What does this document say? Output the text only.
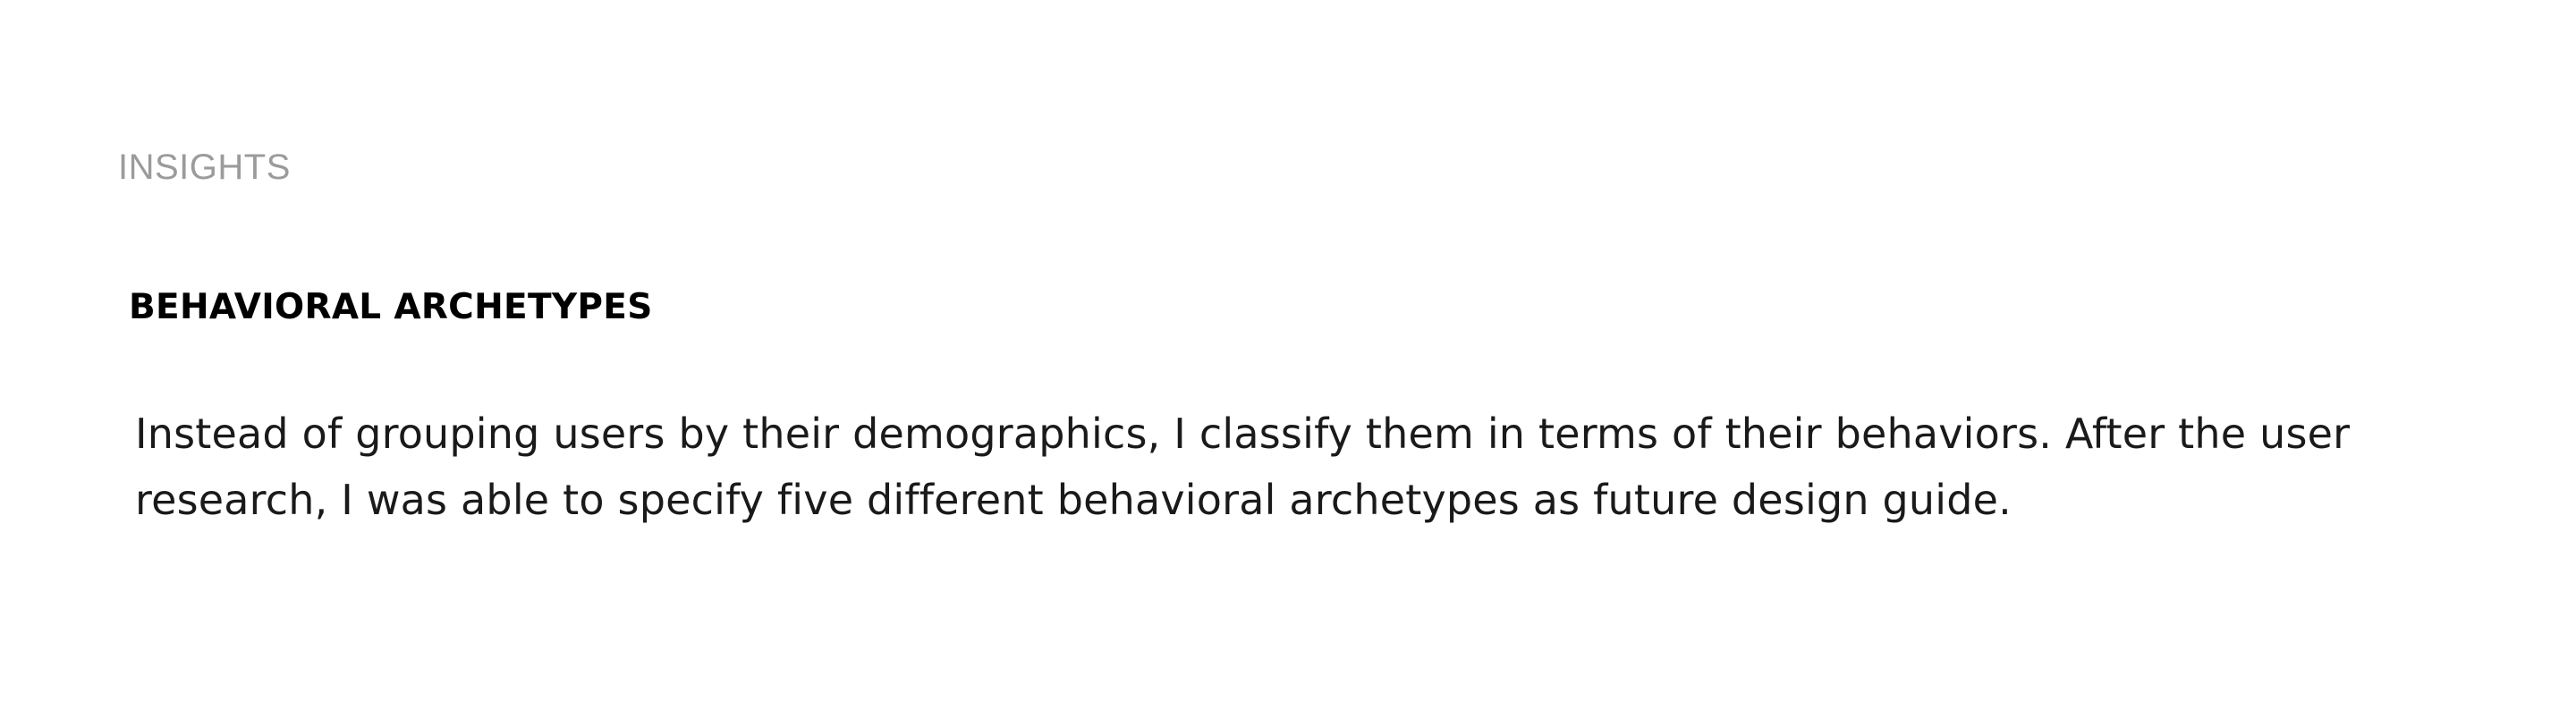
INSIGHTS
BEHAVIORAL ARCHETYPES

Instead of grouping users by their demographics, I classify them in terms of their behaviors. After the user research, I was able to specify five different behavioral archetypes as future design guide.
